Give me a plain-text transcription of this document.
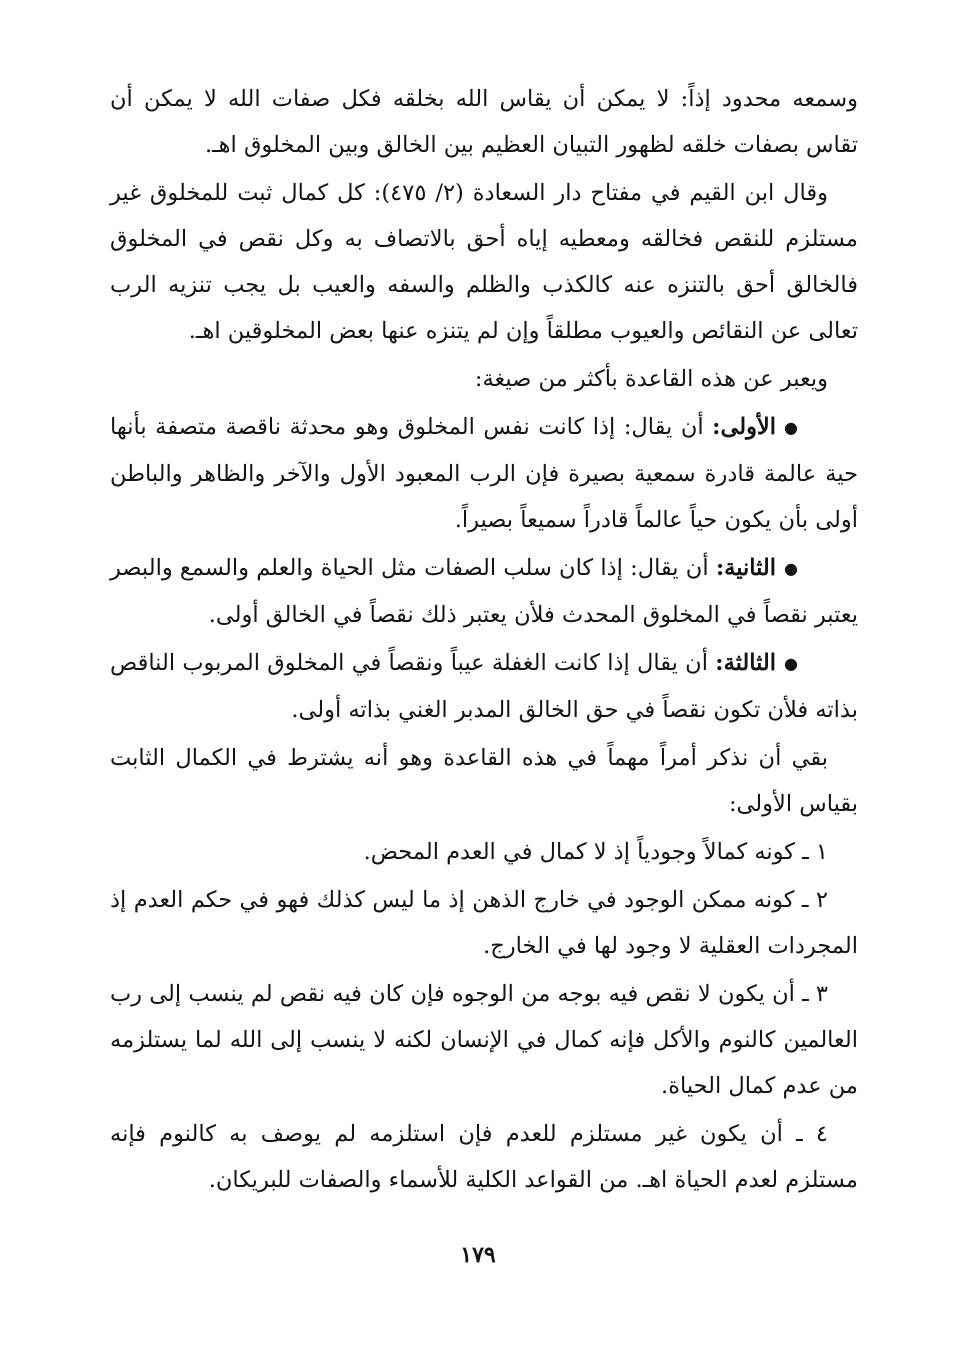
وسمعه محدود إذاً: لا يمكن أن يقاس الله بخلقه فكل صفات الله لا يمكن أن تقاس بصفات خلقه لظهور التبيان العظيم بين الخالق وبين المخلوق اهـ.

وقال ابن القيم في مفتاح دار السعادة (٢/ ٤٧٥): كل كمال ثبت للمخلوق غير مستلزم للنقص فخالقه ومعطيه إياه أحق بالاتصاف به وكل نقص في المخلوق فالخالق أحق بالتنزه عنه كالكذب والظلم والسفه والعيب بل يجب تنزيه الرب تعالى عن النقائص والعيوب مطلقاً وإن لم يتنزه عنها بعض المخلوقين اهـ.

ويعبر عن هذه القاعدة بأكثر من صيغة:

●الأولى: أن يقال: إذا كانت نفس المخلوق وهو محدثة ناقصة متصفة بأنها حية عالمة قادرة سمعية بصيرة فإن الرب المعبود الأول والآخر والظاهر والباطن أولى بأن يكون حياً عالماً قادراً سميعاً بصيراً.

●الثانية: أن يقال: إذا كان سلب الصفات مثل الحياة والعلم والسمع والبصر يعتبر نقصاً في المخلوق المحدث فلأن يعتبر ذلك نقصاً في الخالق أولى.

●الثالثة: أن يقال إذا كانت الغفلة عيباً ونقصاً في المخلوق المربوب الناقص بذاته فلأن تكون نقصاً في حق الخالق المدبر الغني بذاته أولى.

بقي أن نذكر أمراً مهماً في هذه القاعدة وهو أنه يشترط في الكمال الثابت بقياس الأولى:

١ ـ كونه كمالاً وجودياً إذ لا كمال في العدم المحض.

٢ ـ كونه ممكن الوجود في خارج الذهن إذ ما ليس كذلك فهو في حكم العدم إذ المجردات العقلية لا وجود لها في الخارج.

٣ ـ أن يكون لا نقص فيه بوجه من الوجوه فإن كان فيه نقص لم ينسب إلى رب العالمين كالنوم والأكل فإنه كمال في الإنسان لكنه لا ينسب إلى الله لما يستلزمه من عدم كمال الحياة.

٤ ـ أن يكون غير مستلزم للعدم فإن استلزمه لم يوصف به كالنوم فإنه مستلزم لعدم الحياة اهـ. من القواعد الكلية للأسماء والصفات للبريكان.

١٧٩
